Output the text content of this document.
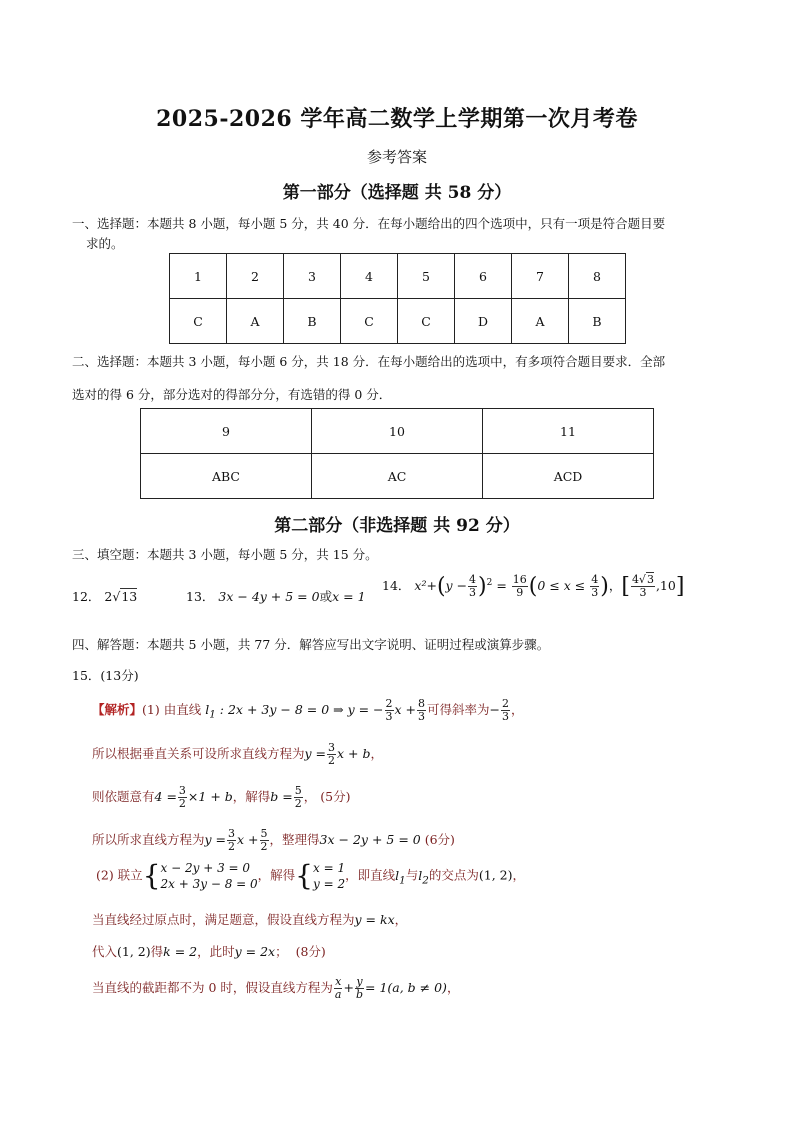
2025-2026 学年高二数学上学期第一次月考卷
参考答案
第一部分（选择题 共 58 分）
一、选择题：本题共 8 小题，每小题 5 分，共 40 分．在每小题给出的四个选项中，只有一项是符合题目要
求的。
1	2	3	4	5	6	7	8
C	A	B	C	C	D	A	B
二、选择题：本题共 3 小题，每小题 6 分，共 18 分．在每小题给出的选项中，有多项符合题目要求．全部
选对的得 6 分，部分选对的得部分分，有选错的得 0 分．
9	10	11
ABC	AC	ACD
第二部分（非选择题 共 92 分）
三、填空题：本题共 3 小题，每小题 5 分，共 15 分。
12． 2√13	13． 3x − 4y + 5 = 0或x = 1
14． $x^2+(y - \frac{4}{3} )^2 = \frac{16}{9} (0 \le x \le \frac{4}{3}$ )，[ $\frac{4√3}{3} ,10$]
四、解答题：本题共 5 小题，共 77 分．解答应写出文字说明、证明过程或演算步骤。
15．(13分)
【解析】(1) 由直线 $l_1$ : 2x + 3y − 8 = 0 ⇒ y = − $\frac{2}{3}$ $x + \frac{8}{3}$ 可得斜率为− $\frac{2}{3}$ ，
所以根据垂直关系可设所求直线方程为$y = \frac{3}{2}$ x + b，
则依题意有$4 = \frac{3}{2} \times 1 + b$，解得$b = \frac{5}{2}$ ， (5分)
所以所求直线方程为$y = \frac{3}{2}$ $x + \frac{5}{2}$ ，整理得3x − 2y + 5 = 0 (6分)
(2) 联立{x − 2y + 3 = 0
2x + 3y − 8 = 0，解得{x = 1
y = 2，即直线$l_1$与$l_2$的交点为(1, 2)，
当直线经过原点时，满足题意，假设直线方程为y = kx，
代入(1, 2)得k = 2，此时y = 2x；  (8分)
当直线的截距都不为 0 时，假设直线方程为 $\frac{x}{a} + \frac{y}{b} = 1(a$, b ≠ 0)，
